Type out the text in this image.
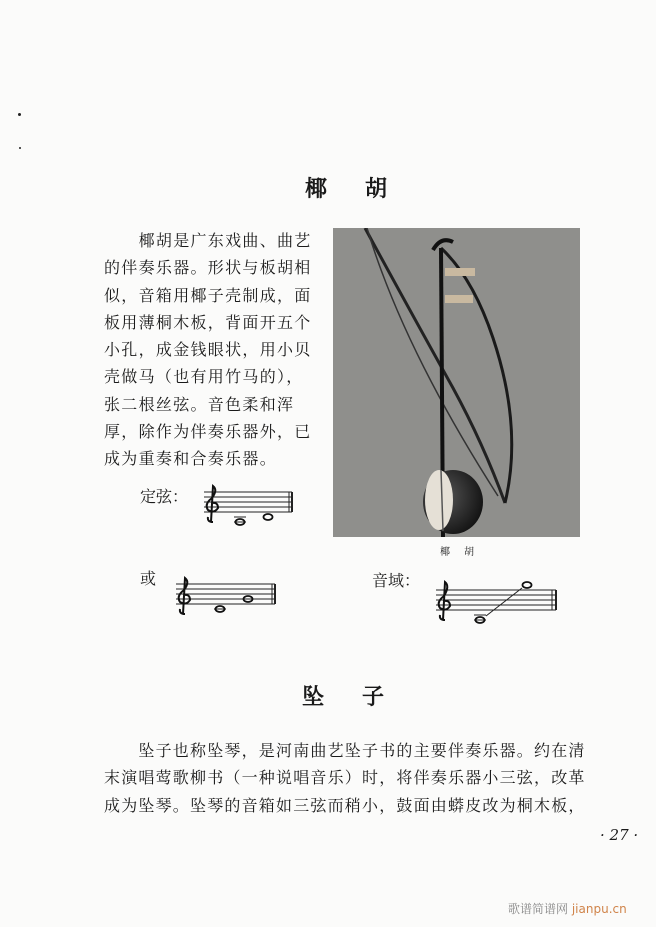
椰胡
　　椰胡是广东戏曲、曲艺
的伴奏乐器。形状与板胡相
似，音箱用椰子壳制成，面
板用薄桐木板，背面开五个
小孔，成金钱眼状，用小贝
壳做马（也有用竹马的），
张二根丝弦。音色柔和浑
厚，除作为伴奏乐器外，已
成为重奏和合奏乐器。
椰胡
定弦：
或	音域：
坠子
　　坠子也称坠琴，是河南曲艺坠子书的主要伴奏乐器。约在清
末演唱莺歌柳书（一种说唱音乐）时，将伴奏乐器小三弦，改革
成为坠琴。坠琴的音箱如三弦而稍小，鼓面由蟒皮改为桐木板，
· 27 ·
歌谱简谱网 jianpu.cn
